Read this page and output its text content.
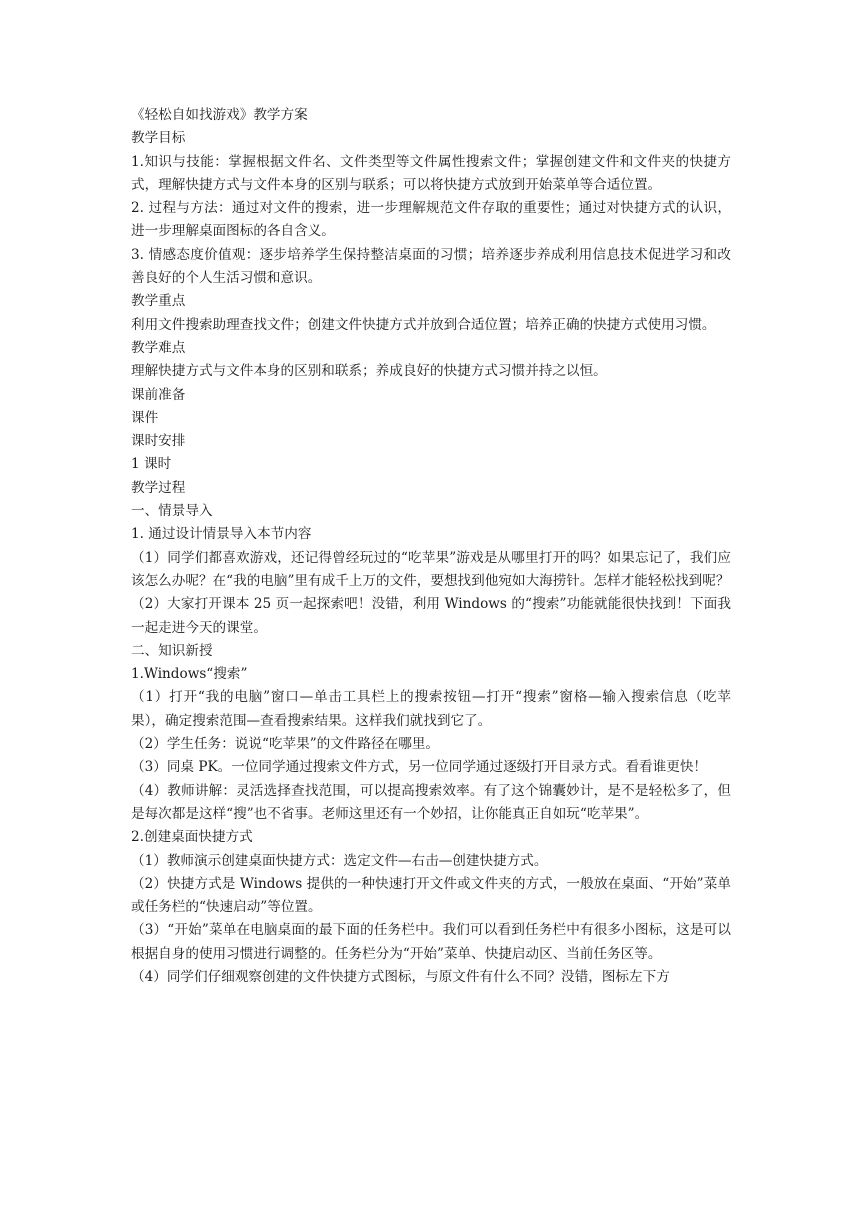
《轻松自如找游戏》教学方案

教学目标

1.知识与技能：掌握根据文件名、文件类型等文件属性搜索文件；掌握创建文件和文件夹的快捷方式，理解快捷方式与文件本身的区别与联系；可以将快捷方式放到开始菜单等合适位置。

2. 过程与方法：通过对文件的搜索，进一步理解规范文件存取的重要性；通过对快捷方式的认识，进一步理解桌面图标的各自含义。

3. 情感态度价值观：逐步培养学生保持整洁桌面的习惯；培养逐步养成利用信息技术促进学习和改善良好的个人生活习惯和意识。

教学重点

利用文件搜索助理查找文件；创建文件快捷方式并放到合适位置；培养正确的快捷方式使用习惯。

教学难点

理解快捷方式与文件本身的区别和联系；养成良好的快捷方式习惯并持之以恒。

课前准备

课件

课时安排

1 课时

教学过程

一、情景导入

1. 通过设计情景导入本节内容

（1）同学们都喜欢游戏，还记得曾经玩过的“吃苹果”游戏是从哪里打开的吗？如果忘记了，我们应该怎么办呢？在“我的电脑”里有成千上万的文件，要想找到他宛如大海捞针。怎样才能轻松找到呢？

（2）大家打开课本 25 页一起探索吧！没错，利用 Windows 的“搜索”功能就能很快找到！下面我一起走进今天的课堂。

二、知识新授

1.Windows“搜索”

（1）打开“我的电脑”窗口—单击工具栏上的搜索按钮—打开“搜索”窗格—输入搜索信息（吃苹果），确定搜索范围—查看搜索结果。这样我们就找到它了。

（2）学生任务：说说“吃苹果”的文件路径在哪里。

（3）同桌 PK。一位同学通过搜索文件方式，另一位同学通过逐级打开目录方式。看看谁更快！

（4）教师讲解：灵活选择查找范围，可以提高搜索效率。有了这个锦囊妙计，是不是轻松多了，但是每次都是这样“搜”也不省事。老师这里还有一个妙招，让你能真正自如玩“吃苹果”。

2.创建桌面快捷方式

（1）教师演示创建桌面快捷方式：选定文件—右击—创建快捷方式。

（2）快捷方式是 Windows 提供的一种快速打开文件或文件夹的方式，一般放在桌面、“开始”菜单或任务栏的“快速启动”等位置。

（3）“开始”菜单在电脑桌面的最下面的任务栏中。我们可以看到任务栏中有很多小图标，这是可以根据自身的使用习惯进行调整的。任务栏分为“开始”菜单、快捷启动区、当前任务区等。

（4）同学们仔细观察创建的文件快捷方式图标，与原文件有什么不同？没错，图标左下方
